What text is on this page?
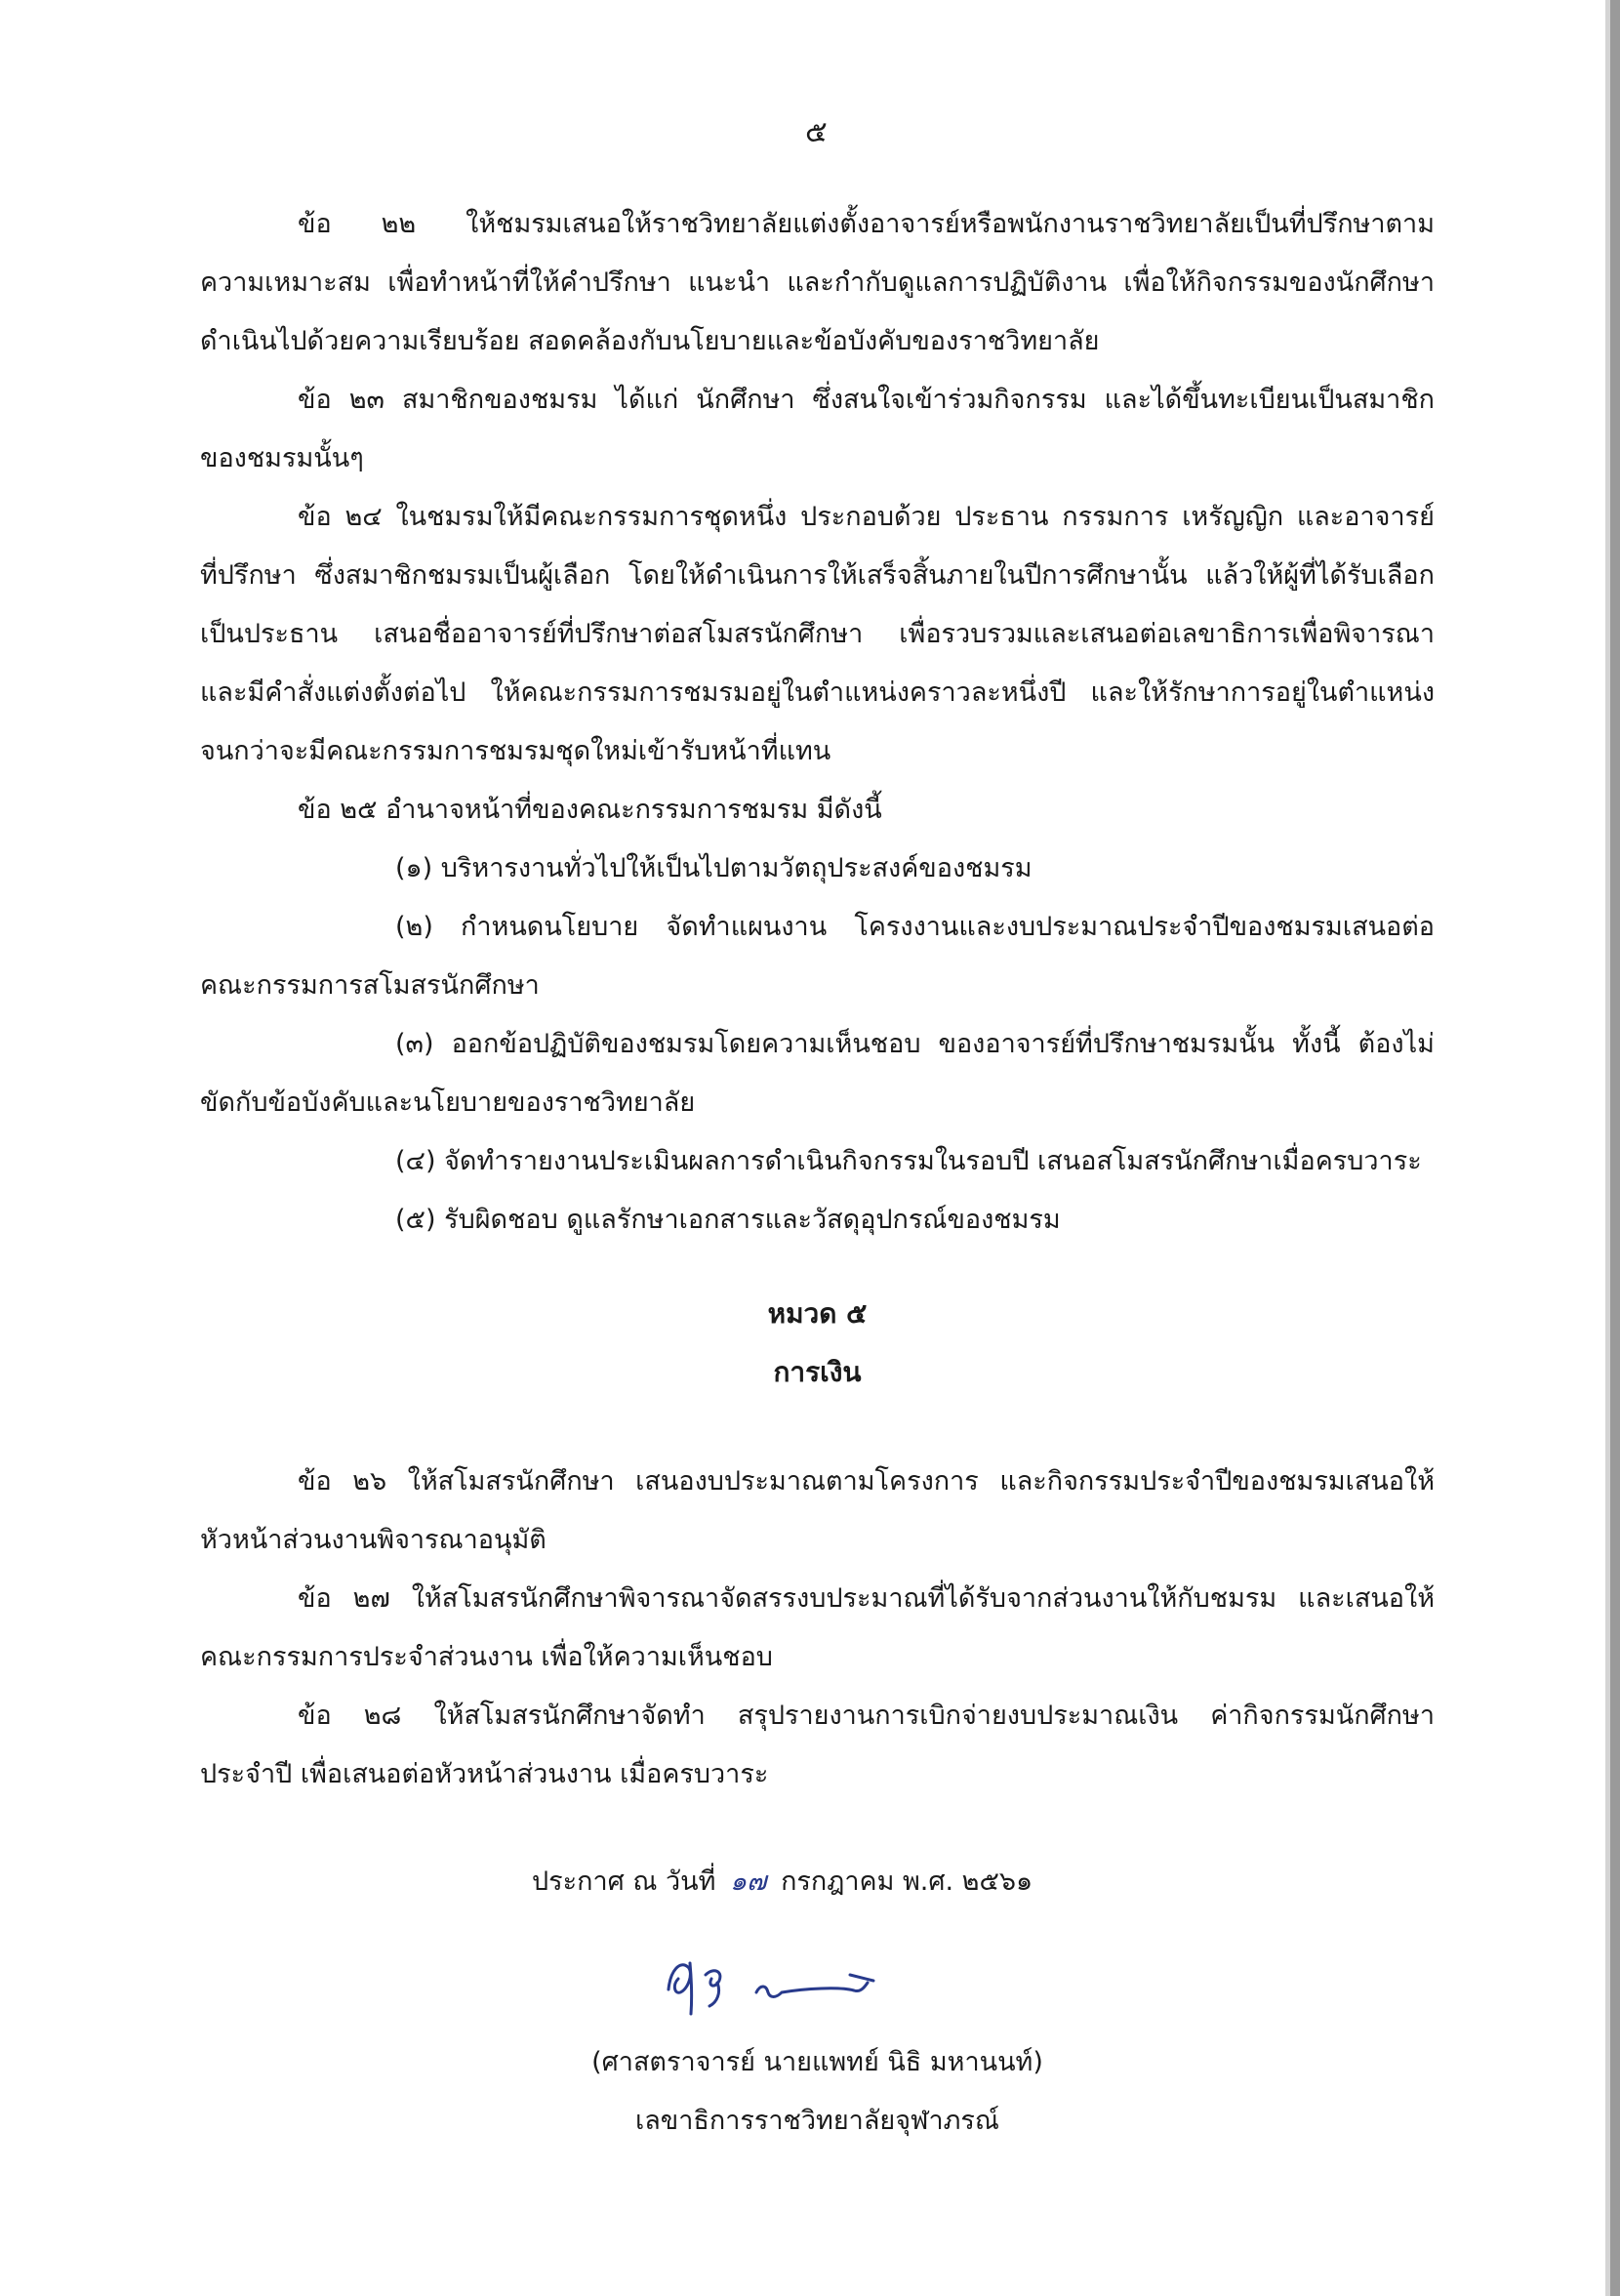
๕
ข้อ ๒๒ ให้ชมรมเสนอให้ราชวิทยาลัยแต่งตั้งอาจารย์หรือพนักงานราชวิทยาลัยเป็นที่ปรึกษาตาม
ความเหมาะสม เพื่อทำหน้าที่ให้คำปรึกษา แนะนำ และกำกับดูแลการปฏิบัติงาน เพื่อให้กิจกรรมของนักศึกษา
ดำเนินไปด้วยความเรียบร้อย สอดคล้องกับนโยบายและข้อบังคับของราชวิทยาลัย
ข้อ ๒๓ สมาชิกของชมรม ได้แก่ นักศึกษา ซึ่งสนใจเข้าร่วมกิจกรรม และได้ขึ้นทะเบียนเป็นสมาชิก
ของชมรมนั้นๆ
ข้อ ๒๔ ในชมรมให้มีคณะกรรมการชุดหนึ่ง ประกอบด้วย ประธาน กรรมการ เหรัญญิก และอาจารย์
ที่ปรึกษา ซึ่งสมาชิกชมรมเป็นผู้เลือก โดยให้ดำเนินการให้เสร็จสิ้นภายในปีการศึกษานั้น แล้วให้ผู้ที่ได้รับเลือก
เป็นประธาน เสนอชื่ออาจารย์ที่ปรึกษาต่อสโมสรนักศึกษา เพื่อรวบรวมและเสนอต่อเลขาธิการเพื่อพิจารณา
และมีคำสั่งแต่งตั้งต่อไป ให้คณะกรรมการชมรมอยู่ในตำแหน่งคราวละหนึ่งปี และให้รักษาการอยู่ในตำแหน่ง
จนกว่าจะมีคณะกรรมการชมรมชุดใหม่เข้ารับหน้าที่แทน
ข้อ ๒๕ อำนาจหน้าที่ของคณะกรรมการชมรม มีดังนี้
(๑) บริหารงานทั่วไปให้เป็นไปตามวัตถุประสงค์ของชมรม
(๒) กำหนดนโยบาย จัดทำแผนงาน โครงงานและงบประมาณประจำปีของชมรมเสนอต่อ
คณะกรรมการสโมสรนักศึกษา
(๓) ออกข้อปฏิบัติของชมรมโดยความเห็นชอบ ของอาจารย์ที่ปรึกษาชมรมนั้น ทั้งนี้ ต้องไม่
ขัดกับข้อบังคับและนโยบายของราชวิทยาลัย
(๔) จัดทำรายงานประเมินผลการดำเนินกิจกรรมในรอบปี เสนอสโมสรนักศึกษาเมื่อครบวาระ
(๕) รับผิดชอบ ดูแลรักษาเอกสารและวัสดุอุปกรณ์ของชมรม
หมวด ๕
การเงิน
ข้อ ๒๖ ให้สโมสรนักศึกษา เสนองบประมาณตามโครงการ และกิจกรรมประจำปีของชมรมเสนอให้
หัวหน้าส่วนงานพิจารณาอนุมัติ
ข้อ ๒๗ ให้สโมสรนักศึกษาพิจารณาจัดสรรงบประมาณที่ได้รับจากส่วนงานให้กับชมรม และเสนอให้
คณะกรรมการประจำส่วนงาน เพื่อให้ความเห็นชอบ
ข้อ ๒๘ ให้สโมสรนักศึกษาจัดทำ สรุปรายงานการเบิกจ่ายงบประมาณเงิน ค่ากิจกรรมนักศึกษา
ประจำปี เพื่อเสนอต่อหัวหน้าส่วนงาน เมื่อครบวาระ
ประกาศ ณ วันที่ ๑๗ กรกฎาคม พ.ศ. ๒๕๖๑
(ศาสตราจารย์ นายแพทย์ นิธิ มหานนท์)
เลขาธิการราชวิทยาลัยจุฬาภรณ์
